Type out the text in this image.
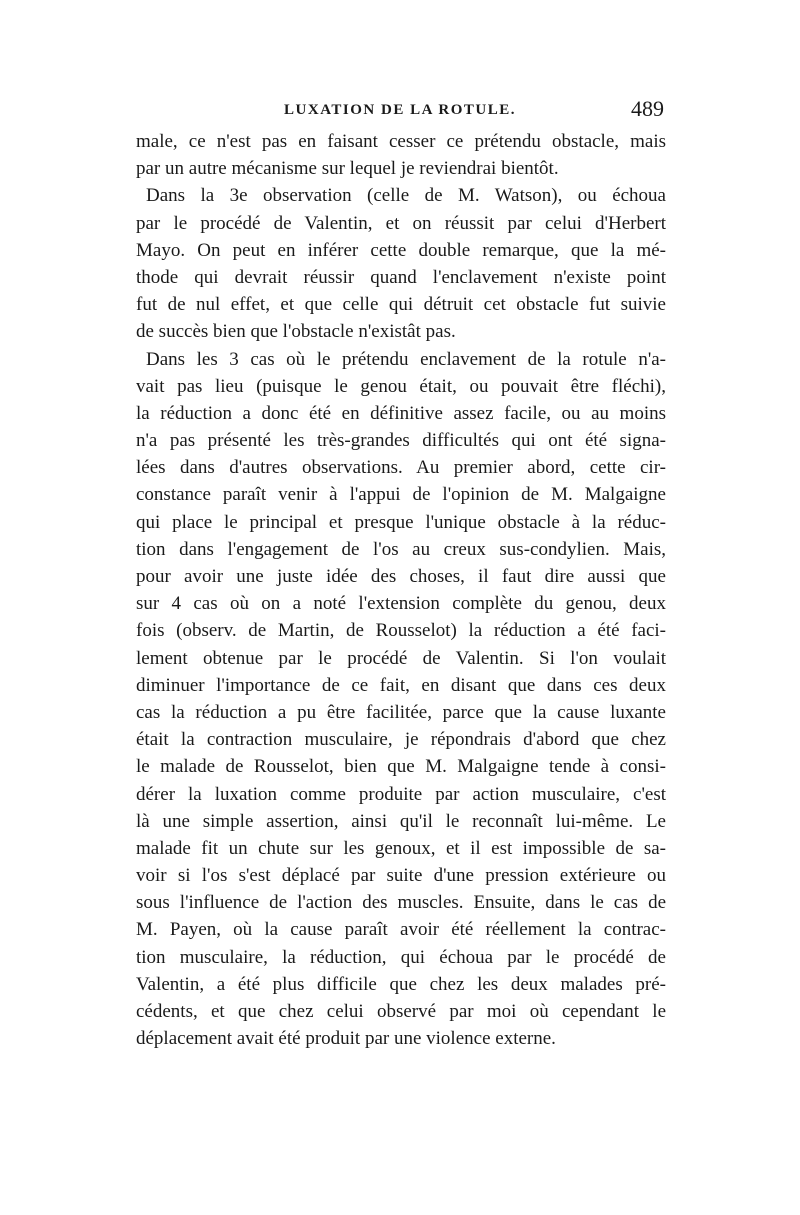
LUXATION DE LA ROTULE.	489
male, ce n'est pas en faisant cesser ce prétendu obstacle, mais
par un autre mécanisme sur lequel je reviendrai bientôt.
Dans la 3e observation (celle de M. Watson), ou échoua
par le procédé de Valentin, et on réussit par celui d'Herbert
Mayo. On peut en inférer cette double remarque, que la mé-
thode qui devrait réussir quand l'enclavement n'existe point
fut de nul effet, et que celle qui détruit cet obstacle fut suivie
de succès bien que l'obstacle n'existât pas.
Dans les 3 cas où le prétendu enclavement de la rotule n'a-
vait pas lieu (puisque le genou était, ou pouvait être fléchi),
la réduction a donc été en définitive assez facile, ou au moins
n'a pas présenté les très-grandes difficultés qui ont été signa-
lées dans d'autres observations. Au premier abord, cette cir-
constance paraît venir à l'appui de l'opinion de M. Malgaigne
qui place le principal et presque l'unique obstacle à la réduc-
tion dans l'engagement de l'os au creux sus-condylien. Mais,
pour avoir une juste idée des choses, il faut dire aussi que
sur 4 cas où on a noté l'extension complète du genou, deux
fois (observ. de Martin, de Rousselot) la réduction a été faci-
lement obtenue par le procédé de Valentin. Si l'on voulait
diminuer l'importance de ce fait, en disant que dans ces deux
cas la réduction a pu être facilitée, parce que la cause luxante
était la contraction musculaire, je répondrais d'abord que chez
le malade de Rousselot, bien que M. Malgaigne tende à consi-
dérer la luxation comme produite par action musculaire, c'est
là une simple assertion, ainsi qu'il le reconnaît lui-même. Le
malade fit un chute sur les genoux, et il est impossible de sa-
voir si l'os s'est déplacé par suite d'une pression extérieure ou
sous l'influence de l'action des muscles. Ensuite, dans le cas de
M. Payen, où la cause paraît avoir été réellement la contrac-
tion musculaire, la réduction, qui échoua par le procédé de
Valentin, a été plus difficile que chez les deux malades pré-
cédents, et que chez celui observé par moi où cependant le
déplacement avait été produit par une violence externe.
